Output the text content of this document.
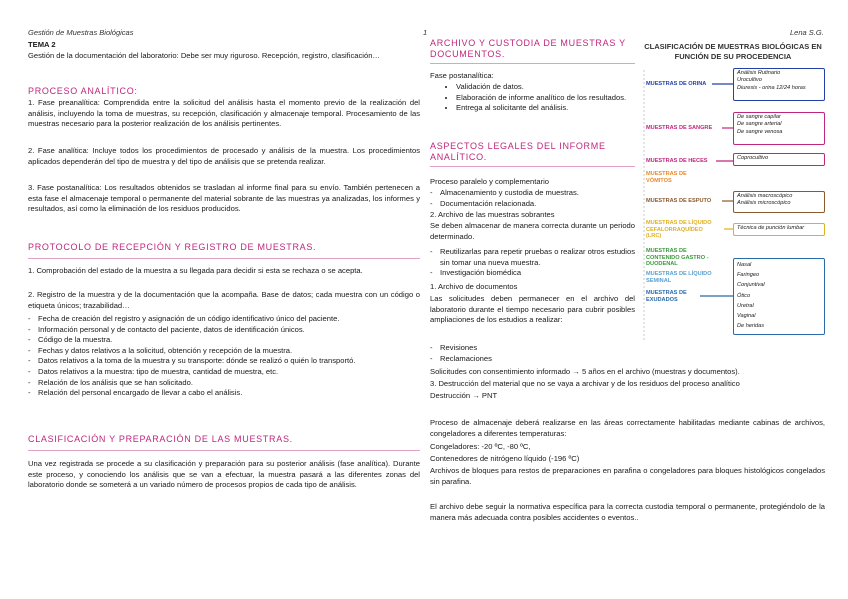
Gestión de Muestras Biológicas	1	Lena S.G.
TEMA 2

Gestión de la documentación del laboratorio: Debe ser muy riguroso. Recepción, registro, clasificación…

PROCESO ANALÍTICO:

1. Fase preanalítica: Comprendida entre la solicitud del análisis hasta el momento previo de la realización del análisis, incluyendo la toma de muestras, su recepción, clasificación y almacenaje temporal. Procesamiento de las muestras necesario para la posterior realización de los análisis pertinentes.

2. Fase analítica: Incluye todos los procedimientos de procesado y análisis de la muestra. Los procedimientos aplicados dependerán del tipo de muestra y del tipo de análisis que se pretenda realizar.

3. Fase postanalítica: Los resultados obtenidos se trasladan al informe final para su envío. También pertenecen a esta fase el almacenaje temporal o permanente del material sobrante de las muestras ya analizadas, los informes y resultados, así como la eliminación de los residuos producidos.

PROTOCOLO DE RECEPCIÓN Y REGISTRO DE MUESTRAS.

1. Comprobación del estado de la muestra a su llegada para decidir si esta se rechaza o se acepta.

2. Registro de la muestra y de la documentación que la acompaña. Base de datos; cada muestra con un código o etiqueta únicos; trazabilidad…

- Fecha de creación del registro y asignación de un código identificativo único del paciente.
- Información personal y de contacto del paciente, datos de identificación únicos.
- Código de la muestra.
- Fechas y datos relativos a la solicitud, obtención y recepción de la muestra.
- Datos relativos a la toma de la muestra y su transporte: dónde se realizó o quién lo transportó.
- Datos relativos a la muestra: tipo de muestra, cantidad de muestra, etc.
- Relación de los análisis que se han solicitado.
- Relación del personal encargado de llevar a cabo el análisis.
CLASIFICACIÓN Y PREPARACIÓN DE LAS MUESTRAS.

Una vez registrada se procede a su clasificación y preparación para su posterior análisis (fase analítica). Durante este proceso, y conociendo los análisis que se van a efectuar, la muestra pasará a las diferentes zonas del laboratorio donde se someterá a un variado número de procesos propios de cada tipo de análisis.

ARCHIVO Y CUSTODIA DE MUESTRAS Y DOCUMENTOS.

Fase postanalítica:

• Validación de datos.
• Elaboración de informe analítico de los resultados.
• Entrega al solicitante del análisis.
ASPECTOS LEGALES DEL INFORME ANALÍTICO.

Proceso paralelo y complementario

- Almacenamiento y custodia de muestras.
- Documentación relacionada.

2. Archivo de las muestras sobrantes

Se deben almacenar de manera correcta durante un periodo determinado.

- Reutilizarlas para repetir pruebas o realizar otros estudios sin tomar una nueva muestra.
- Investigación biomédica

1. Archivo de documentos

Las solicitudes deben permanecer en el archivo del laboratorio durante el tiempo necesario para cubrir posibles ampliaciones de los estudios a realizar:

- Revisiones
- Reclamaciones

Solicitudes con consentimiento informado → 5 años en el archivo (muestras y documentos).

3. Destrucción del material que no se vaya a archivar y de los residuos del proceso analítico

Destrucción → PNT

Proceso de almacenaje deberá realizarse en las áreas correctamente habilitadas mediante cabinas de archivos, congeladores a diferentes temperaturas:

Congeladores: -20 ºC, -80 ºC,

Contenedores de nitrógeno líquido (-196 ºC)

Archivos de bloques para restos de preparaciones en parafina o congeladores para bloques histológicos congelados sin parafina.

El archivo debe seguir la normativa específica para la correcta custodia temporal o permanente, protegiéndolo de la manera más adecuada contra posibles accidentes o eventos..

CLASIFICACIÓN DE MUESTRAS BIOLÓGICAS EN FUNCIÓN DE SU PROCEDENCIA
MUESTRAS DE ORINA
Análisis Rutinario
Urocultivo
Diuresis - orina 12/24 horas
MUESTRAS DE SANGRE
De sangre capilar
De sangre arterial
De sangre venosa
MUESTRAS DE HECES	Coprocultivo
MUESTRAS DE
VÓMITOS
MUESTRAS DE ESPUTO
Análisis macroscópico
Análisis microscópico
MUESTRAS DE LÍQUIDO
CEFALORRAQUÍDEO
(LRC)
Técnica de punción lumbar
MUESTRAS DE
CONTENIDO GASTRO -
DUODENAL
MUESTRAS DE LÍQUIDO
SEMINAL
MUESTRAS DE
EXUDADOS
Nasal
Faringeo
Conjuntival
Ótico
Uretral
Vaginal
De heridas
